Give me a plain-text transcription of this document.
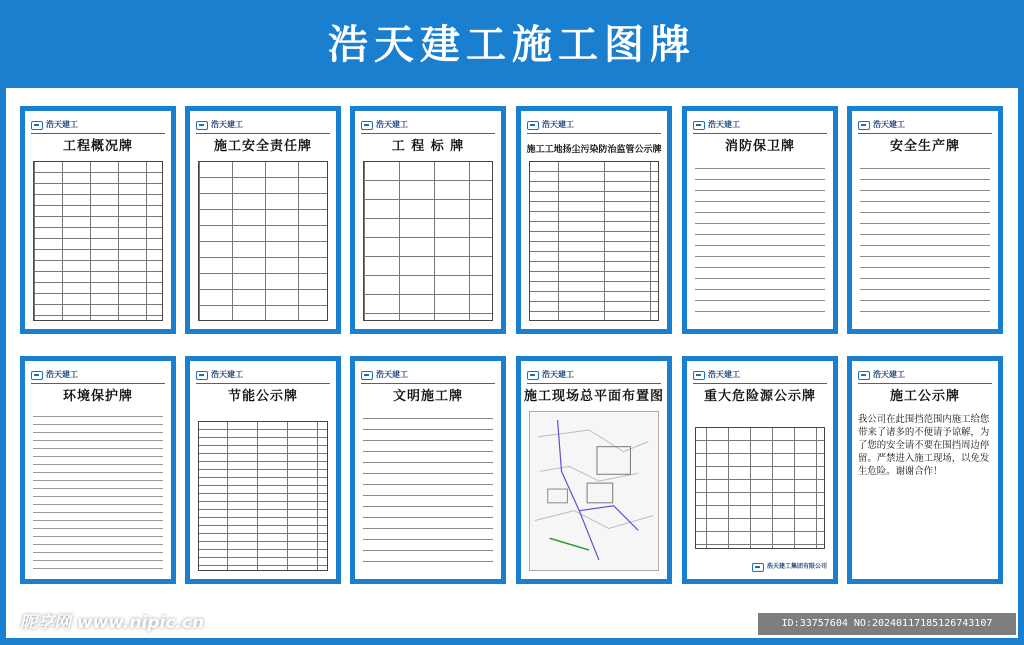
浩天建工施工图牌
浩天建工
工程概况牌
浩天建工
施工安全责任牌
浩天建工
工 程 标 牌
浩天建工
施工工地扬尘污染防治监管公示牌
浩天建工
消防保卫牌
浩天建工
安全生产牌
浩天建工
环境保护牌
浩天建工
节能公示牌
浩天建工
文明施工牌
浩天建工
施工现场总平面布置图
浩天建工
重大危险源公示牌
浩天建工集团有限公司
浩天建工
施工公示牌
我公司在此围挡范围内施工给您带来了诸多的不便请予谅解，为了您的安全请不要在围挡周边停留。严禁进入施工现场，以免发生危险。谢谢合作！
昵享网 www.nipic.cn	ID:33757604 NO:20240117185126743107
